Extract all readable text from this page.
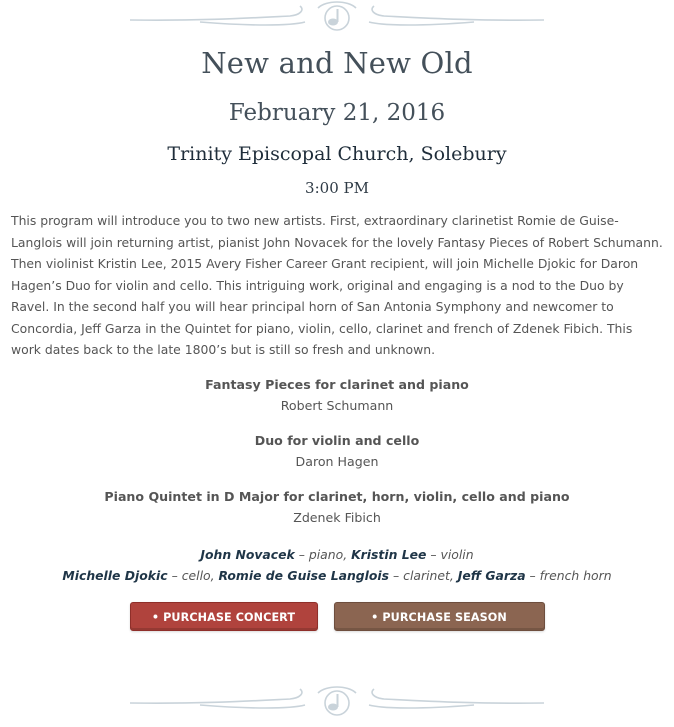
New and New Old
February 21, 2016
Trinity Episcopal Church, Solebury
3:00 PM

This program will introduce you to two new artists. First, extraordinary clarinetist Romie de Guise-Langlois will join returning artist, pianist John Novacek for the lovely Fantasy Pieces of Robert Schumann. Then violinist Kristin Lee, 2015 Avery Fisher Career Grant recipient, will join Michelle Djokic for Daron Hagen’s Duo for violin and cello. This intriguing work, original and engaging is a nod to the Duo by Ravel. In the second half you will hear principal horn of San Antonia Symphony and newcomer to Concordia, Jeff Garza in the Quintet for piano, violin, cello, clarinet and french of Zdenek Fibich. This work dates back to the late 1800’s but is still so fresh and unknown.

Fantasy Pieces for clarinet and piano
Robert Schumann
Duo for violin and cello
Daron Hagen
Piano Quintet in D Major for clarinet, horn, violin, cello and piano
Zdenek Fibich
John Novacek – piano, Kristin Lee – violin
Michelle Djokic – cello, Romie de Guise Langlois – clarinet, Jeff Garza – french horn
• PURCHASE CONCERT TICKETS •
• PURCHASE SEASON TICKETS •
